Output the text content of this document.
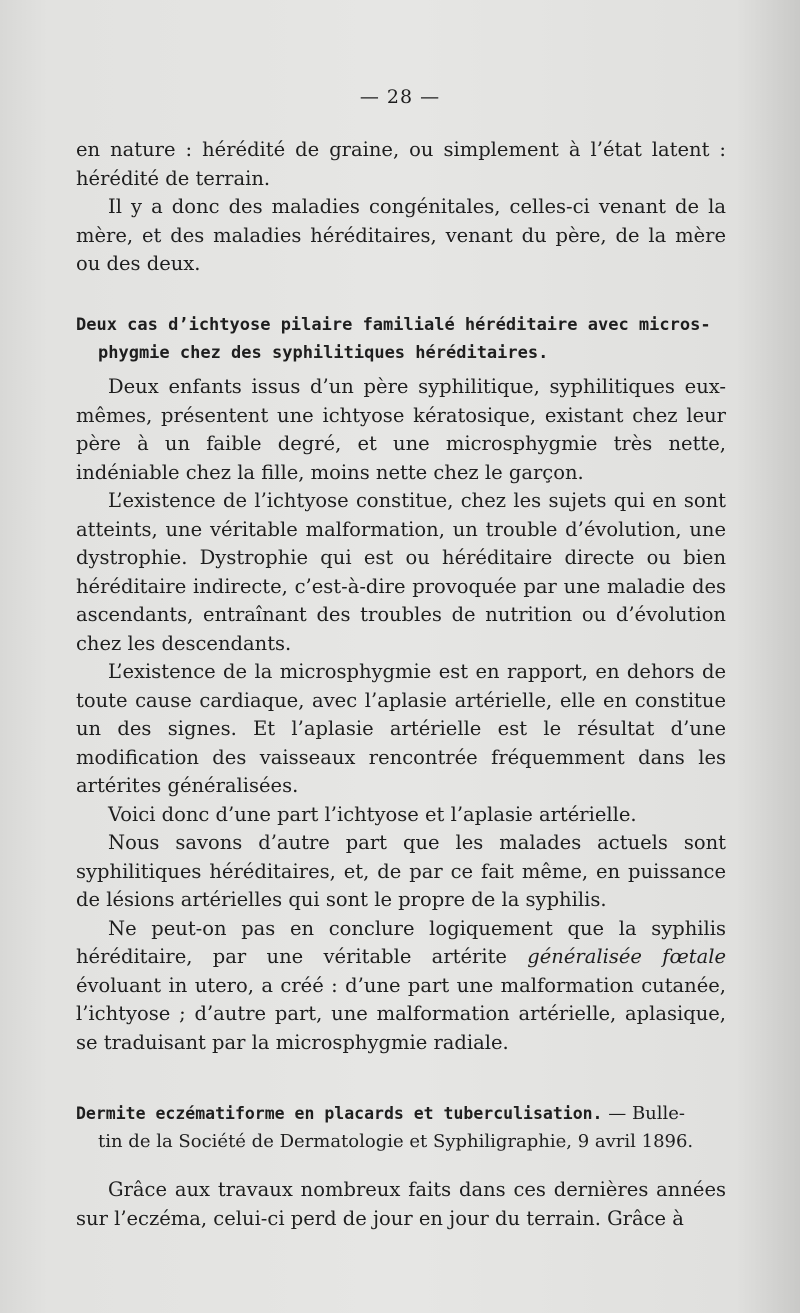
— 28 —

en nature : hérédité de graine, ou simplement à l’état latent : hérédité de terrain.

Il y a donc des maladies congénitales, celles-ci venant de la mère, et des maladies héréditaires, venant du père, de la mère ou des deux.

Deux cas d’ichtyose pilaire familialé héréditaire avec micros-
phygmie chez des syphilitiques héréditaires.

Deux enfants issus d’un père syphilitique, syphilitiques eux-mêmes, présentent une ichtyose kératosique, existant chez leur père à un faible degré, et une microsphygmie très nette, indéniable chez la fille, moins nette chez le garçon.

L’existence de l’ichtyose constitue, chez les sujets qui en sont atteints, une véritable malformation, un trouble d’évolution, une dystrophie. Dystrophie qui est ou héréditaire directe ou bien héréditaire indirecte, c’est-à-dire provoquée par une maladie des ascendants, entraînant des troubles de nutrition ou d’évolution chez les descendants.

L’existence de la microsphygmie est en rapport, en dehors de toute cause cardiaque, avec l’aplasie artérielle, elle en constitue un des signes. Et l’aplasie artérielle est le résultat d’une modification des vaisseaux rencontrée fréquemment dans les artérites généralisées.

Voici donc d’une part l’ichtyose et l’aplasie artérielle.

Nous savons d’autre part que les malades actuels sont syphilitiques héréditaires, et, de par ce fait même, en puissance de lésions artérielles qui sont le propre de la syphilis.

Ne peut-on pas en conclure logiquement que la syphilis héréditaire, par une véritable artérite généralisée fœtale évoluant in utero, a créé : d’une part une malformation cutanée, l’ichtyose ; d’autre part, une malformation artérielle, aplasique, se traduisant par la microsphygmie radiale.

Dermite eczématiforme en placards et tuberculisation. — Bulle-
tin de la Société de Dermatologie et Syphiligraphie, 9 avril 1896.

Grâce aux travaux nombreux faits dans ces dernières années sur l’eczéma, celui-ci perd de jour en jour du terrain. Grâce à
